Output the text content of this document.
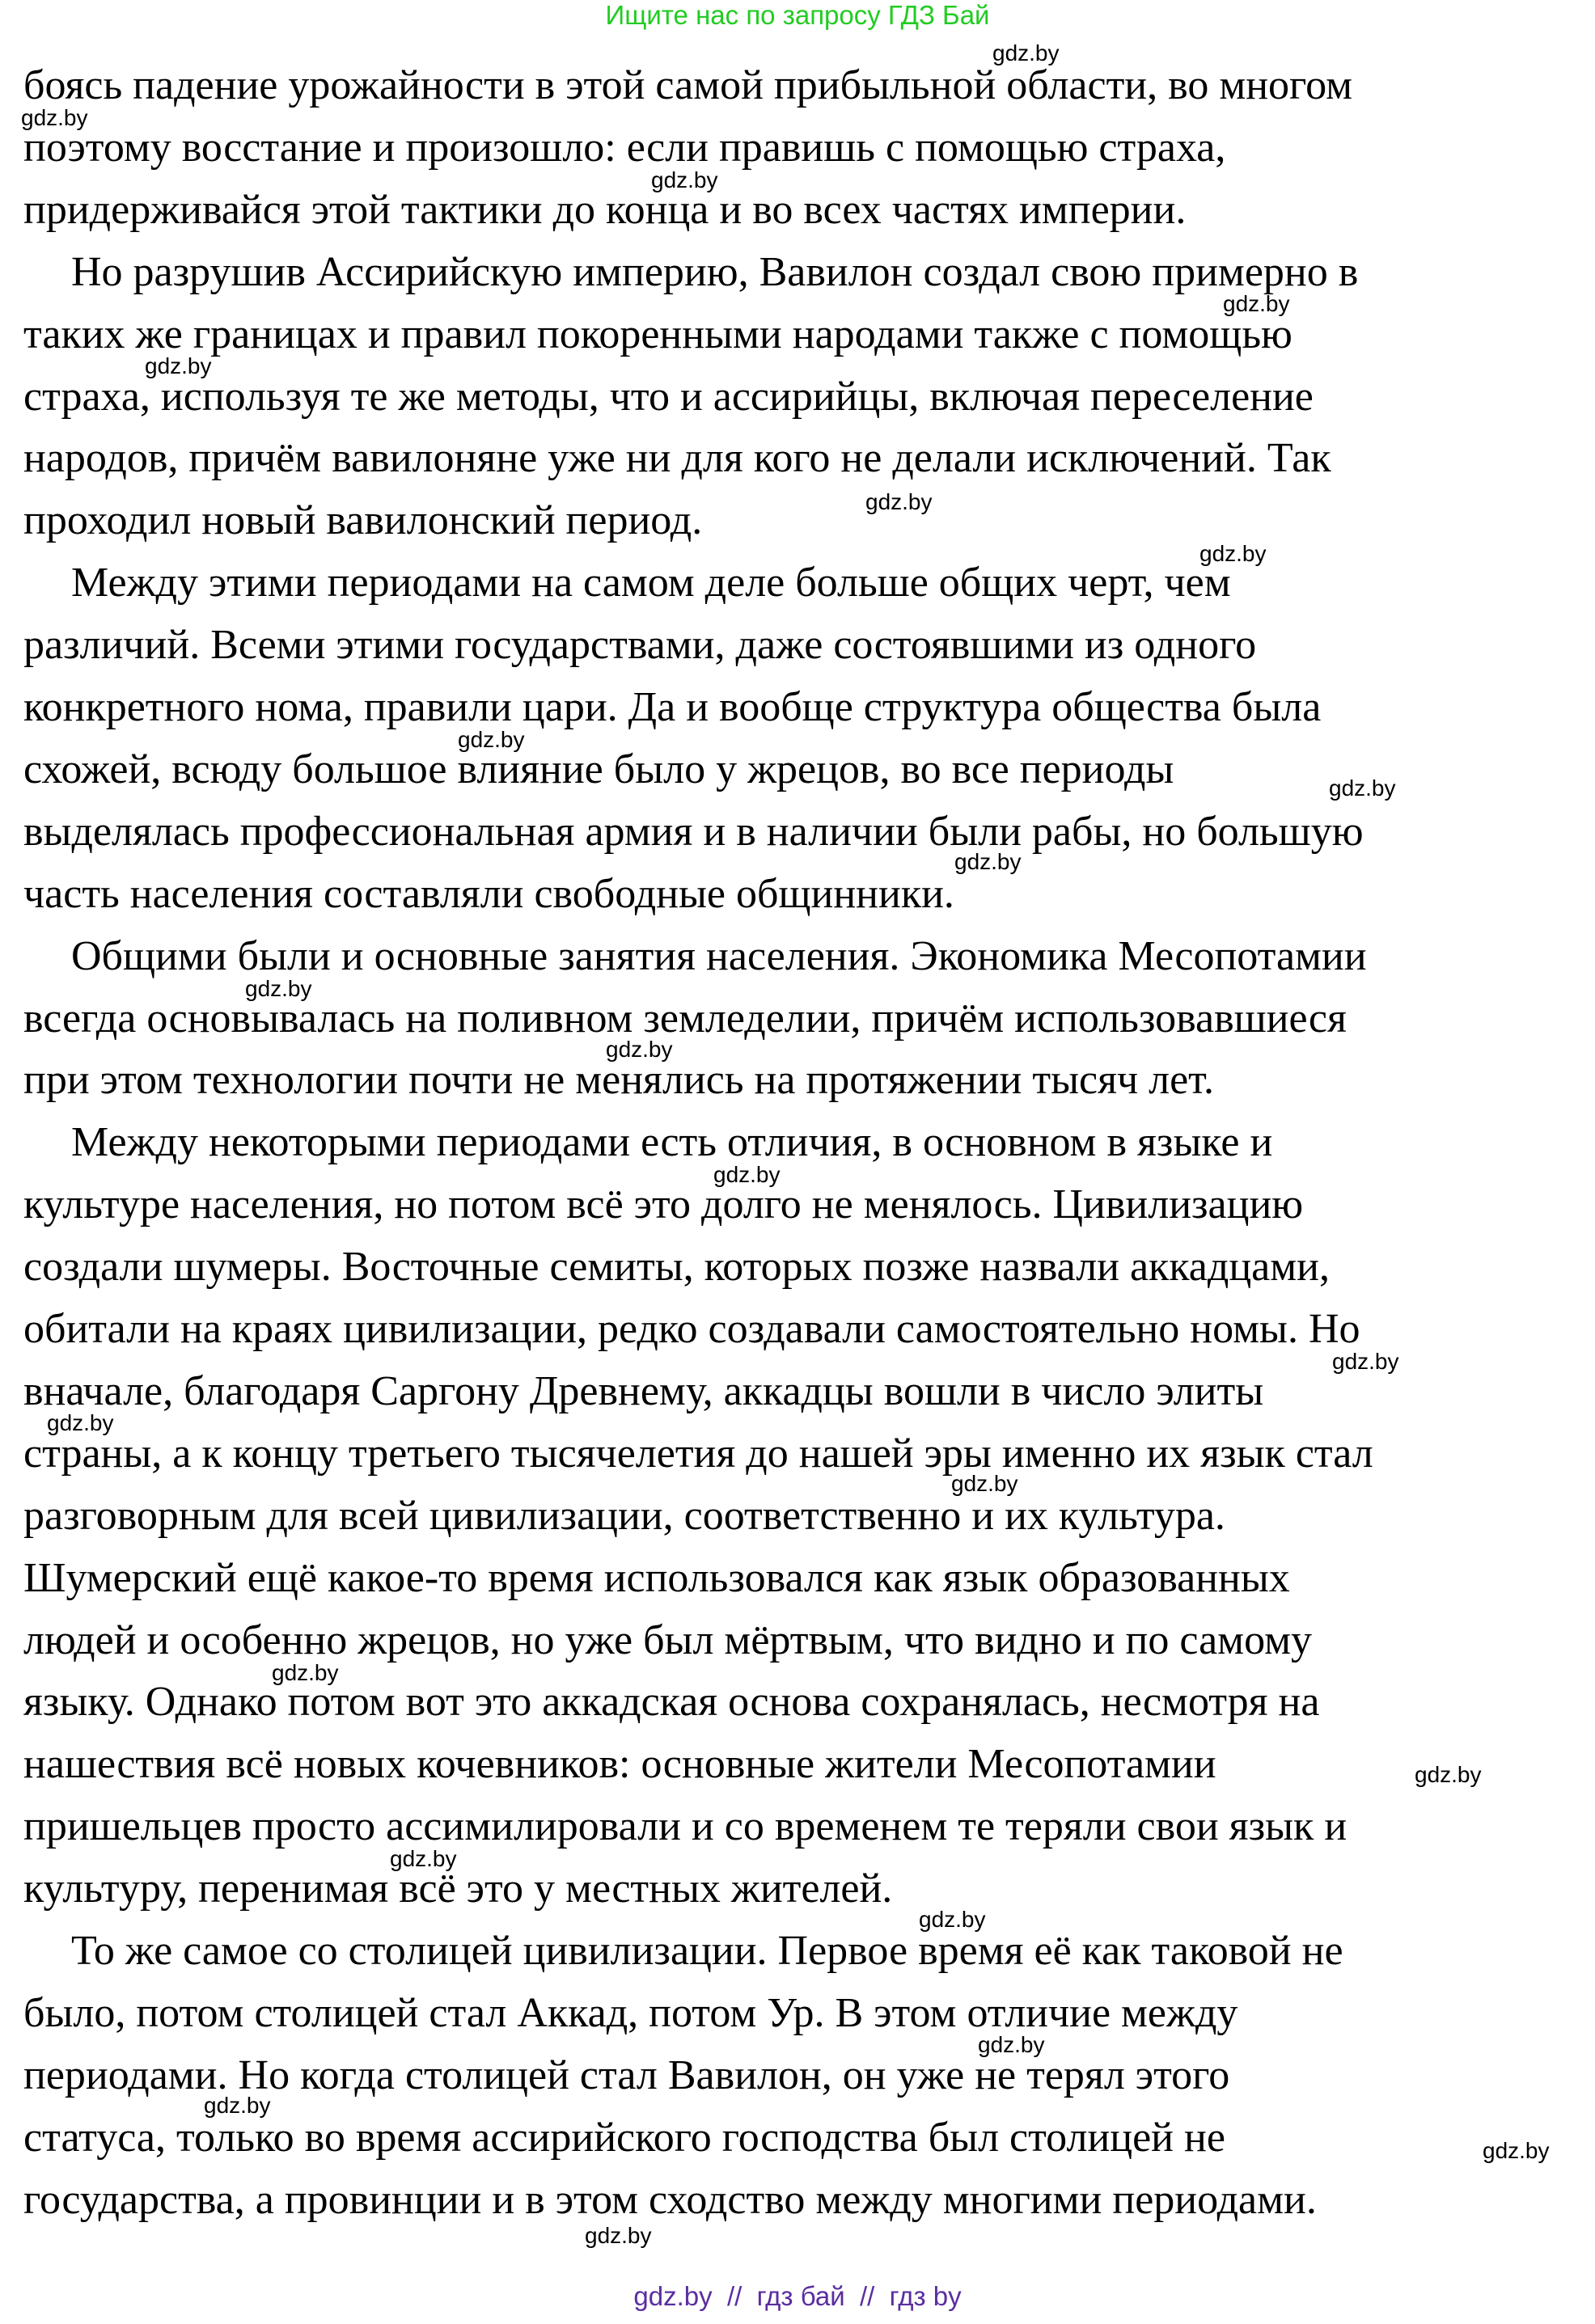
Ищите нас по запросу ГДЗ Бай
боясь падение урожайности в этой самой прибыльной области, во многом
поэтому восстание и произошло: если правишь с помощью страха,
придерживайся этой тактики до конца и во всех частях империи.
Но разрушив Ассирийскую империю, Вавилон создал свою примерно в
таких же границах и правил покоренными народами также с помощью
страха, используя те же методы, что и ассирийцы, включая переселение
народов, причём вавилоняне уже ни для кого не делали исключений. Так
проходил новый вавилонский период.
Между этими периодами на самом деле больше общих черт, чем
различий. Всеми этими государствами, даже состоявшими из одного
конкретного нома, правили цари. Да и вообще структура общества была
схожей, всюду большое влияние было у жрецов, во все периоды
выделялась профессиональная армия и в наличии были рабы, но большую
часть населения составляли свободные общинники.
Общими были и основные занятия населения. Экономика Месопотамии
всегда основывалась на поливном земледелии, причём использовавшиеся
при этом технологии почти не менялись на протяжении тысяч лет.
Между некоторыми периодами есть отличия, в основном в языке и
культуре населения, но потом всё это долго не менялось. Цивилизацию
создали шумеры. Восточные семиты, которых позже назвали аккадцами,
обитали на краях цивилизации, редко создавали самостоятельно номы. Но
вначале, благодаря Саргону Древнему, аккадцы вошли в число элиты
страны, а к концу третьего тысячелетия до нашей эры именно их язык стал
разговорным для всей цивилизации, соответственно и их культура.
Шумерский ещё какое-то время использовался как язык образованных
людей и особенно жрецов, но уже был мёртвым, что видно и по самому
языку. Однако потом вот это аккадская основа сохранялась, несмотря на
нашествия всё новых кочевников: основные жители Месопотамии
пришельцев просто ассимилировали и со временем те теряли свои язык и
культуру, перенимая всё это у местных жителей.
То же самое со столицей цивилизации. Первое время её как таковой не
было, потом столицей стал Аккад, потом Ур. В этом отличие между
периодами. Но когда столицей стал Вавилон, он уже не терял этого
статуса, только во время ассирийского господства был столицей не
государства, а провинции и в этом сходство между многими периодами.
gdz.by
gdz.by
gdz.by
gdz.by
gdz.by
gdz.by
gdz.by
gdz.by
gdz.by
gdz.by
gdz.by
gdz.by
gdz.by
gdz.by
gdz.by
gdz.by
gdz.by
gdz.by
gdz.by
gdz.by
gdz.by
gdz.by
gdz.by
gdz.by
gdz.by  //  гдз бай  //  гдз by
